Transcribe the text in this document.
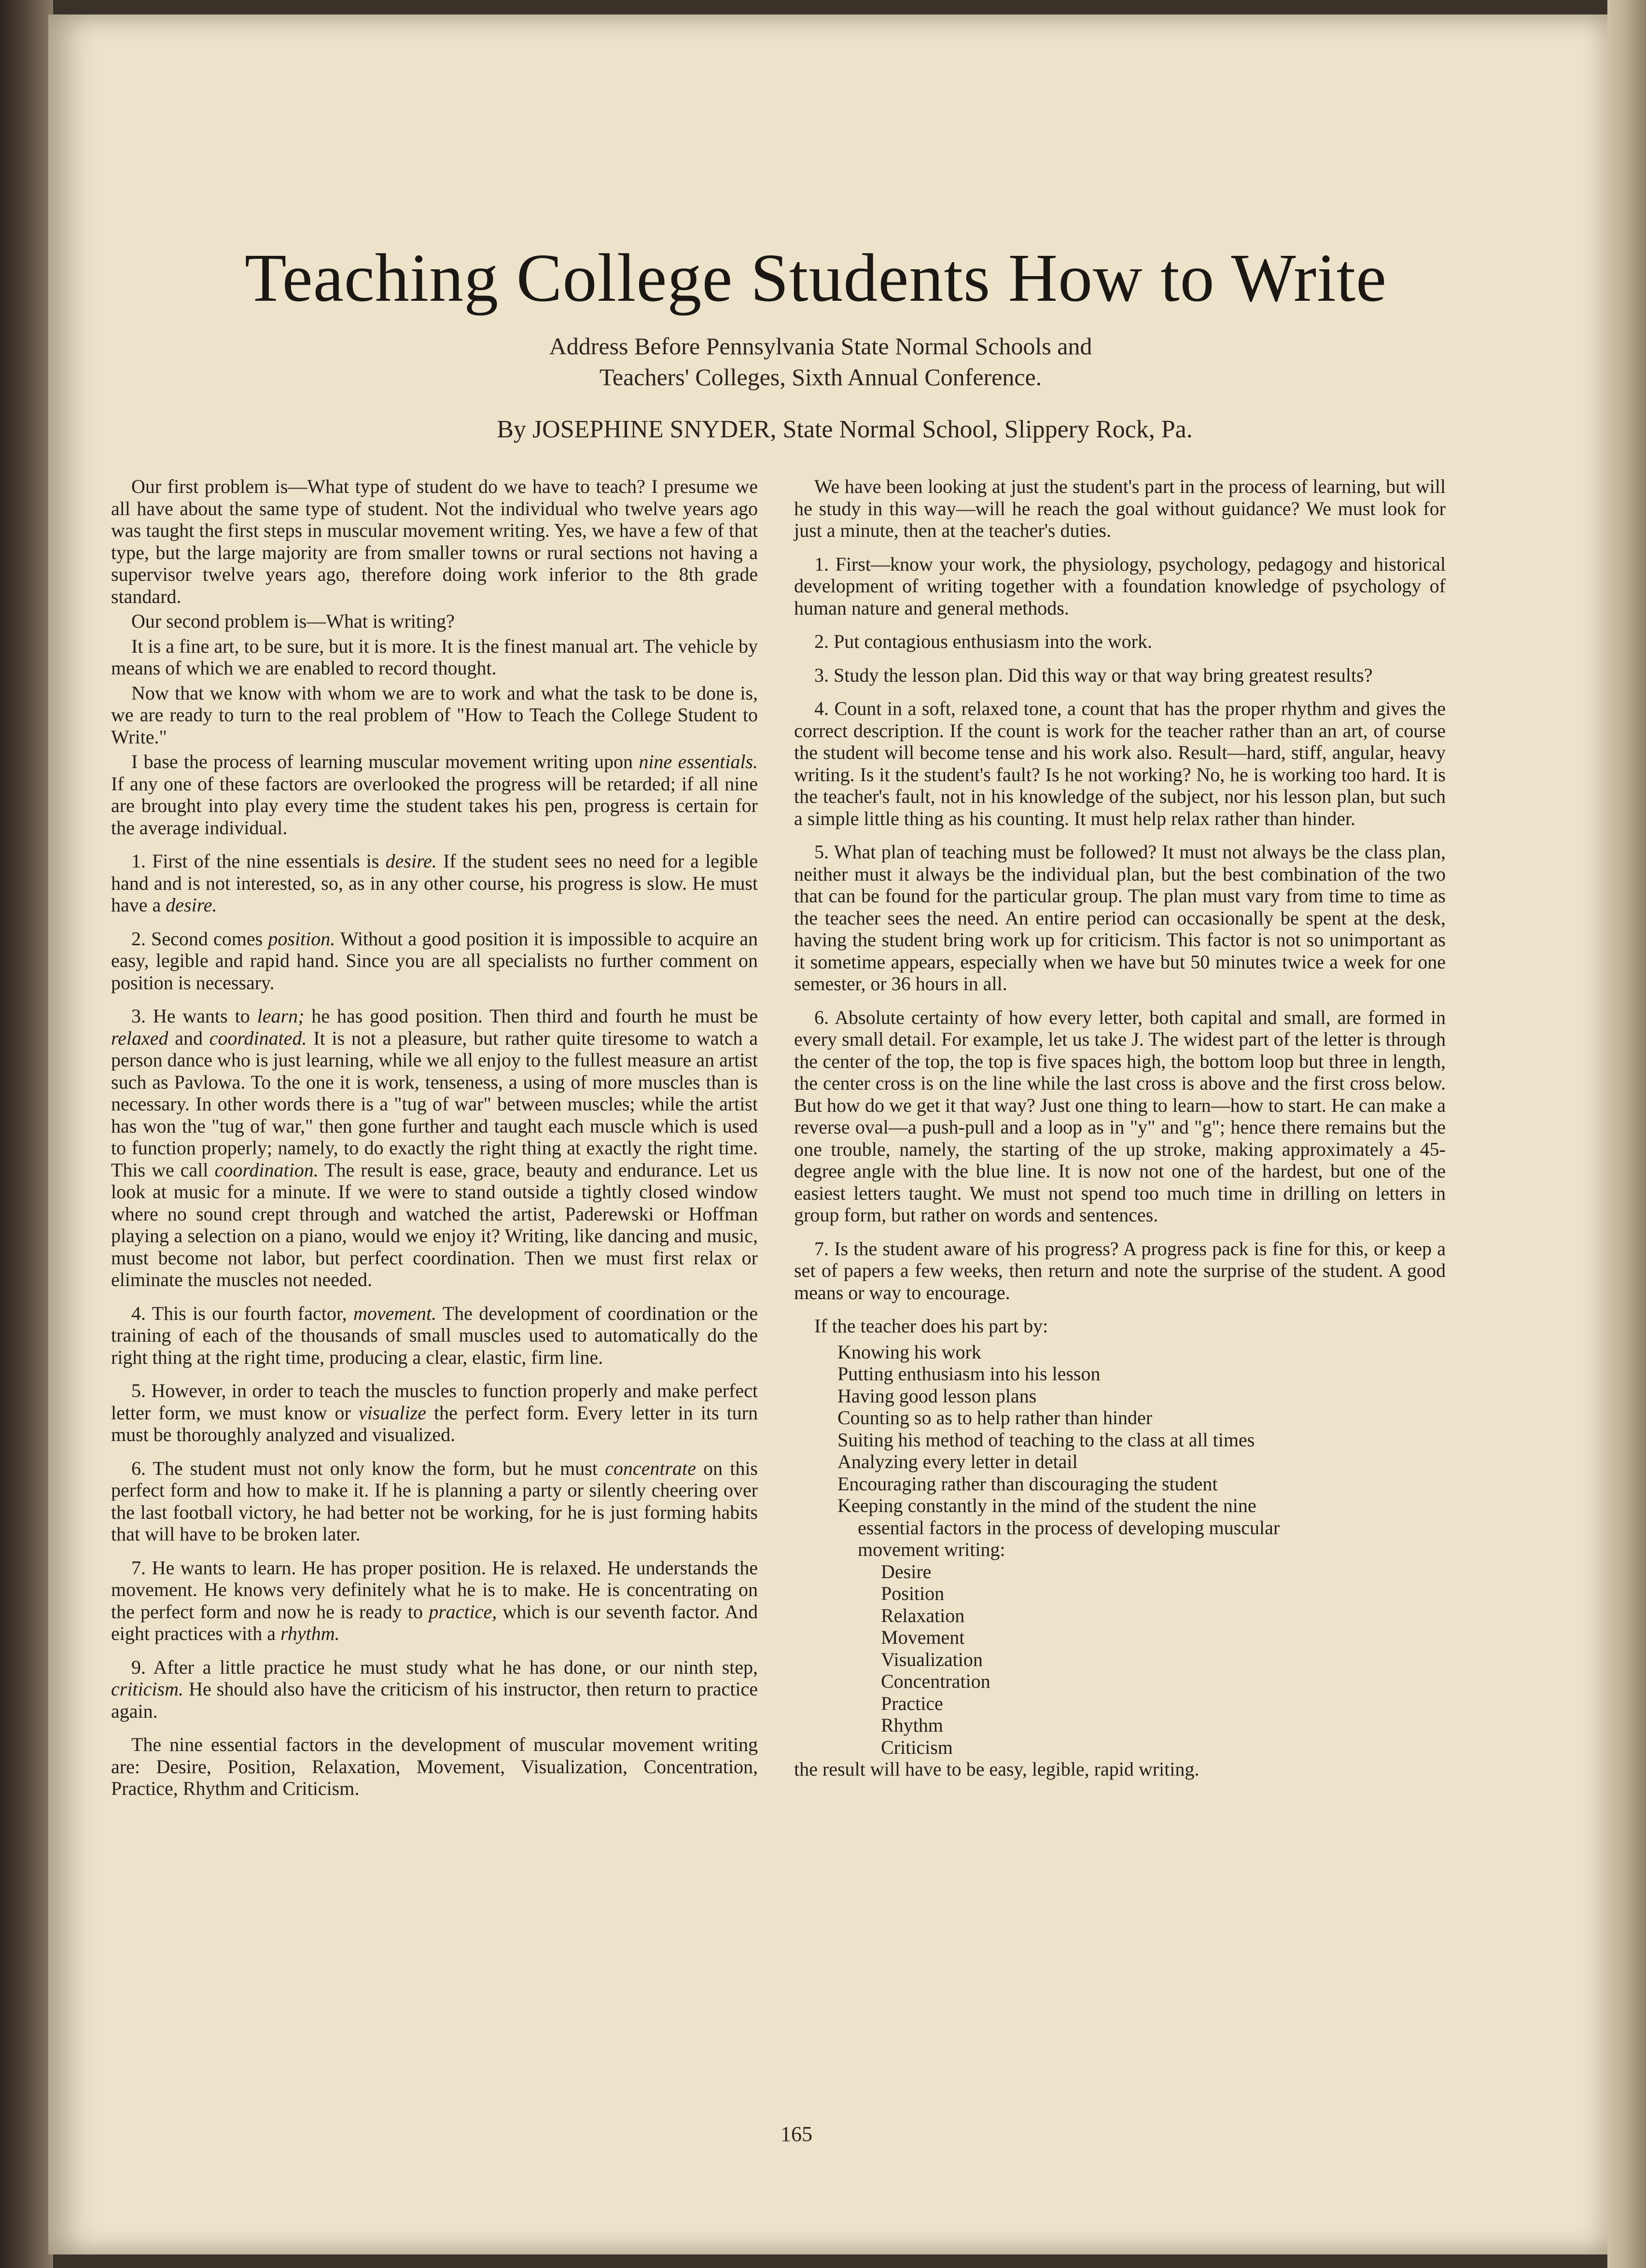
Teaching College Students How to Write
Address Before Pennsylvania State Normal Schools and
Teachers' Colleges, Sixth Annual Conference.
By JOSEPHINE SNYDER, State Normal School, Slippery Rock, Pa.

Our first problem is—What type of student do we have to teach? I presume we all have about the same type of student. Not the individual who twelve years ago was taught the first steps in muscular movement writing. Yes, we have a few of that type, but the large majority are from smaller towns or rural sections not having a supervisor twelve years ago, therefore doing work inferior to the 8th grade standard.

Our second problem is—What is writing?

It is a fine art, to be sure, but it is more. It is the finest manual art. The vehicle by means of which we are enabled to record thought.

Now that we know with whom we are to work and what the task to be done is, we are ready to turn to the real problem of "How to Teach the College Student to Write."

I base the process of learning muscular movement writing upon nine essentials. If any one of these factors are overlooked the progress will be retarded; if all nine are brought into play every time the student takes his pen, progress is certain for the average individual.

1. First of the nine essentials is desire. If the student sees no need for a legible hand and is not interested, so, as in any other course, his progress is slow. He must have a desire.

2. Second comes position. Without a good position it is impossible to acquire an easy, legible and rapid hand. Since you are all specialists no further comment on position is necessary.

3. He wants to learn; he has good position. Then third and fourth he must be relaxed and coordinated. It is not a pleasure, but rather quite tiresome to watch a person dance who is just learning, while we all enjoy to the fullest measure an artist such as Pavlowa. To the one it is work, tenseness, a using of more muscles than is necessary. In other words there is a "tug of war" between muscles; while the artist has won the "tug of war," then gone further and taught each muscle which is used to function properly; namely, to do exactly the right thing at exactly the right time. This we call coordination. The result is ease, grace, beauty and endurance. Let us look at music for a minute. If we were to stand outside a tightly closed window where no sound crept through and watched the artist, Paderewski or Hoffman playing a selection on a piano, would we enjoy it? Writing, like dancing and music, must become not labor, but perfect coordination. Then we must first relax or eliminate the muscles not needed.

4. This is our fourth factor, movement. The development of coordination or the training of each of the thousands of small muscles used to automatically do the right thing at the right time, producing a clear, elastic, firm line.

5. However, in order to teach the muscles to function properly and make perfect letter form, we must know or visualize the perfect form. Every letter in its turn must be thoroughly analyzed and visualized.

6. The student must not only know the form, but he must concentrate on this perfect form and how to make it. If he is planning a party or silently cheering over the last football victory, he had better not be working, for he is just forming habits that will have to be broken later.

7. He wants to learn. He has proper position. He is relaxed. He understands the movement. He knows very definitely what he is to make. He is concentrating on the perfect form and now he is ready to practice, which is our seventh factor. And eight practices with a rhythm.

9. After a little practice he must study what he has done, or our ninth step, criticism. He should also have the criticism of his instructor, then return to practice again.

The nine essential factors in the development of muscular movement writing are: Desire, Position, Relaxation, Movement, Visualization, Concentration, Practice, Rhythm and Criticism.

We have been looking at just the student's part in the process of learning, but will he study in this way—will he reach the goal without guidance? We must look for just a minute, then at the teacher's duties.

1. First—know your work, the physiology, psychology, pedagogy and historical development of writing together with a foundation knowledge of psychology of human nature and general methods.

2. Put contagious enthusiasm into the work.

3. Study the lesson plan. Did this way or that way bring greatest results?

4. Count in a soft, relaxed tone, a count that has the proper rhythm and gives the correct description. If the count is work for the teacher rather than an art, of course the student will become tense and his work also. Result—hard, stiff, angular, heavy writing. Is it the student's fault? Is he not working? No, he is working too hard. It is the teacher's fault, not in his knowledge of the subject, nor his lesson plan, but such a simple little thing as his counting. It must help relax rather than hinder.

5. What plan of teaching must be followed? It must not always be the class plan, neither must it always be the individual plan, but the best combination of the two that can be found for the particular group. The plan must vary from time to time as the teacher sees the need. An entire period can occasionally be spent at the desk, having the student bring work up for criticism. This factor is not so unimportant as it sometime appears, especially when we have but 50 minutes twice a week for one semester, or 36 hours in all.

6. Absolute certainty of how every letter, both capital and small, are formed in every small detail. For example, let us take J. The widest part of the letter is through the center of the top, the top is five spaces high, the bottom loop but three in length, the center cross is on the line while the last cross is above and the first cross below. But how do we get it that way? Just one thing to learn—how to start. He can make a reverse oval—a push-pull and a loop as in "y" and "g"; hence there remains but the one trouble, namely, the starting of the up stroke, making approximately a 45-degree angle with the blue line. It is now not one of the hardest, but one of the easiest letters taught. We must not spend too much time in drilling on letters in group form, but rather on words and sentences.

7. Is the student aware of his progress? A progress pack is fine for this, or keep a set of papers a few weeks, then return and note the surprise of the student. A good means or way to encourage.

If the teacher does his part by:

Knowing his work
Putting enthusiasm into his lesson
Having good lesson plans
Counting so as to help rather than hinder
Suiting his method of teaching to the class at all times
Analyzing every letter in detail
Encouraging rather than discouraging the student
Keeping constantly in the mind of the student the nine
essential factors in the process of developing muscular
movement writing:
Desire
Position
Relaxation
Movement
Visualization
Concentration
Practice
Rhythm
Criticism

the result will have to be easy, legible, rapid writing.

165
